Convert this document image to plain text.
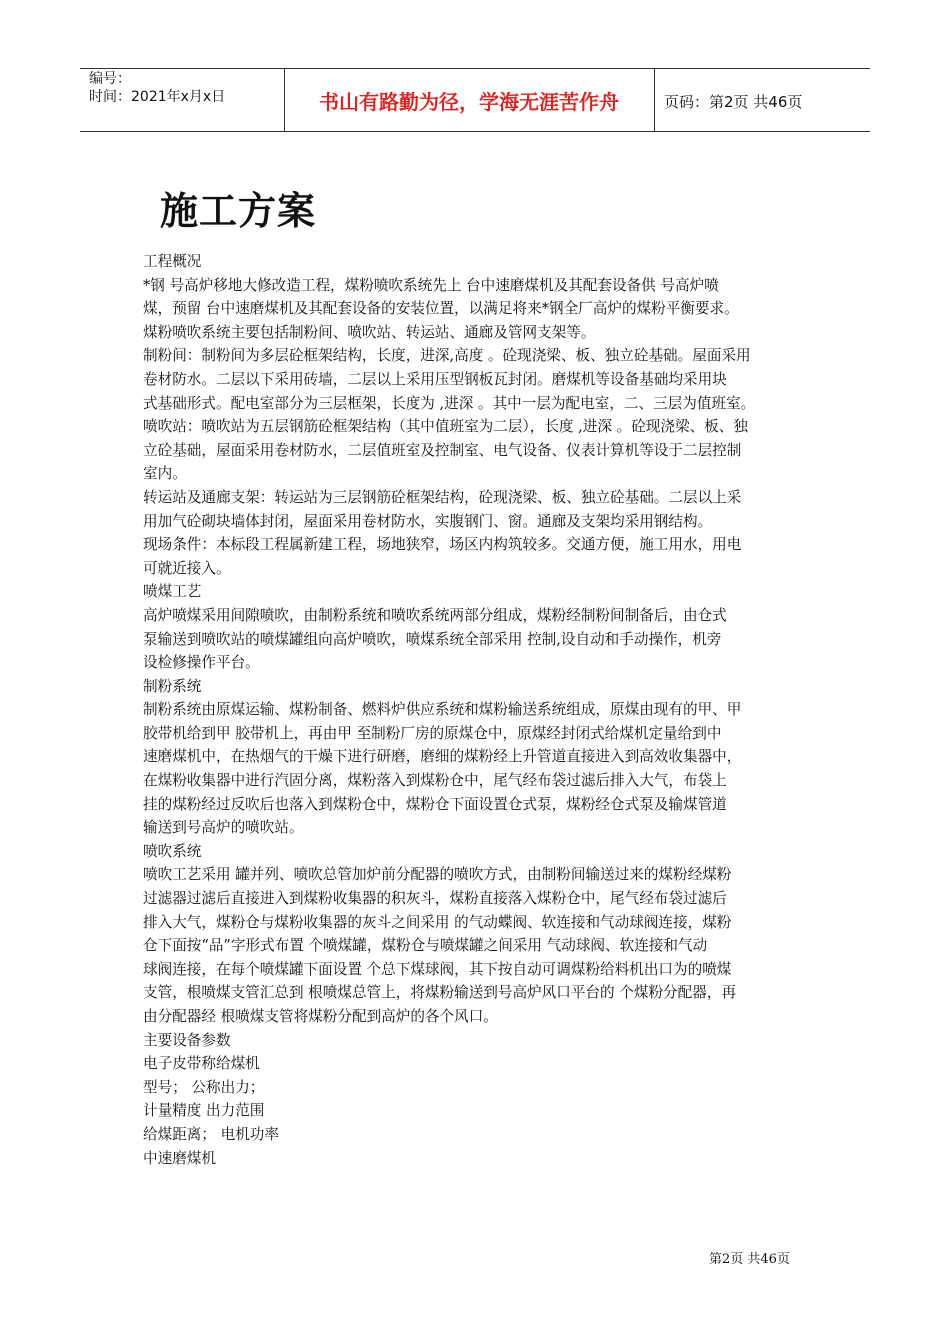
编号：
时间：2021年x月x日	书山有路勤为径，学海无涯苦作舟	页码：第2页 共46页
施工方案
工程概况
*钢 号高炉移地大修改造工程，煤粉喷吹系统先上 台中速磨煤机及其配套设备供 号高炉喷
煤，预留 台中速磨煤机及其配套设备的安装位置，以满足将来*钢全厂高炉的煤粉平衡要求。
煤粉喷吹系统主要包括制粉间、喷吹站、转运站、通廊及管网支架等。
制粉间：制粉间为多层砼框架结构，长度，进深,高度 。砼现浇梁、板、独立砼基础。屋面采用
卷材防水。二层以下采用砖墙，二层以上采用压型钢板瓦封闭。磨煤机等设备基础均采用块
式基础形式。配电室部分为三层框架，长度为 ,进深 。其中一层为配电室，二、三层为值班室。
喷吹站：喷吹站为五层钢筋砼框架结构（其中值班室为二层），长度 ,进深 。砼现浇梁、板、独
立砼基础，屋面采用卷材防水，二层值班室及控制室、电气设备、仪表计算机等设于二层控制
室内。
转运站及通廊支架：转运站为三层钢筋砼框架结构，砼现浇梁、板、独立砼基础。二层以上采
用加气砼砌块墙体封闭，屋面采用卷材防水，实腹钢门、窗。通廊及支架均采用钢结构。
现场条件：本标段工程属新建工程，场地狭窄，场区内构筑较多。交通方便，施工用水，用电
可就近接入。
喷煤工艺
高炉喷煤采用间隙喷吹，由制粉系统和喷吹系统两部分组成，煤粉经制粉间制备后，由仓式
泵输送到喷吹站的喷煤罐组向高炉喷吹，喷煤系统全部采用 控制,设自动和手动操作，机旁
设检修操作平台。
制粉系统
制粉系统由原煤运输、煤粉制备、燃料炉供应系统和煤粉输送系统组成，原煤由现有的甲、甲
胶带机给到甲 胶带机上，再由甲 至制粉厂房的原煤仓中，原煤经封闭式给煤机定量给到中
速磨煤机中，在热烟气的干燥下进行研磨，磨细的煤粉经上升管道直接进入到高效收集器中，
在煤粉收集器中进行汽固分离，煤粉落入到煤粉仓中，尾气经布袋过滤后排入大气，布袋上
挂的煤粉经过反吹后也落入到煤粉仓中，煤粉仓下面设置仓式泵，煤粉经仓式泵及输煤管道
输送到号高炉的喷吹站。
喷吹系统
喷吹工艺采用 罐并列、喷吹总管加炉前分配器的喷吹方式，由制粉间输送过来的煤粉经煤粉
过滤器过滤后直接进入到煤粉收集器的积灰斗，煤粉直接落入煤粉仓中，尾气经布袋过滤后
排入大气，煤粉仓与煤粉收集器的灰斗之间采用 的气动蝶阀、软连接和气动球阀连接，煤粉
仓下面按“品”字形式布置 个喷煤罐，煤粉仓与喷煤罐之间采用 气动球阀、软连接和气动
球阀连接，在每个喷煤罐下面设置 个总下煤球阀，其下按自动可调煤粉给料机出口为的喷煤
支管，根喷煤支管汇总到 根喷煤总管上，将煤粉输送到号高炉风口平台的 个煤粉分配器，再
由分配器经 根喷煤支管将煤粉分配到高炉的各个风口。
主要设备参数
电子皮带称给煤机
型号； 公称出力；
计量精度 出力范围
给煤距离； 电机功率
中速磨煤机
第2页 共46页
